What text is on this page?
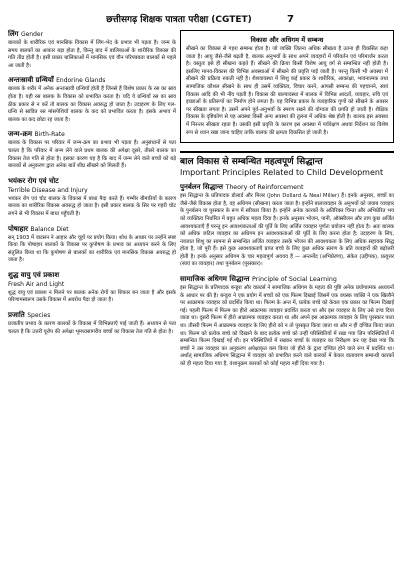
छत्तीसगढ़ शिक्षक पात्रता परीक्षा (CGTET)	7

लिंग Gender

बालकों के शारीरिक एवं मानसिक विकास में लिंग-भेद के प्रभाव भी पड़ता है। जन्म के समय बालकों का आकार बड़ा होता है, किन्तु बाद में बालिकाओं के शारीरिक विकास की गति तीव्र होती है। इसी प्रकार बालिकाओं में मानसिक एवं यौन परिपक्वता बालकों से पहले आ जाती है।

अन्तःस्रावी ग्रन्थियाँ Endorine Glands

बालक के शरीर में अनेक अन्तःस्रावी ग्रन्थियाँ होती हैं जिनसे हैं विशेष प्रकार के रस का स्राव होता है। यही रस बालक के विकास को प्रभावित करता है। यदि ये ग्रन्थियाँ रस का स्राव ठीक प्रकार से न करें तो बालक का विकास अवरुद्ध हो जाता है। उदाहरण के लिए गल-ग्रन्थि से स्रावित रस मांसपेशियाँ बालक के कद को प्रभावित करता है। इसके अभाव में बालक का कद छोटा रह जाता है।

जन्म-क्रम Birth-Rate

बालक के विकास पर परिवार में जन्म-क्रम का प्रभाव भी पड़ता है। अनुसंधानों से पता चलता है कि परिवार में जन्म लेने वाले प्रथम बालक की अपेक्षा दूसरे, तीसरे बालक का विकास तेज गति से होता है। इसका कारण यह है कि बाद में जन्म लेने वाले बच्चों को बड़े बालकों से अनुकरण द्वारा अनेक बातें शीघ्र सीखने को मिलती हैं।

भयंकर रोग एवं चोट

Terrible Disease and Injury

भयंकर रोग एवं चोट बालक के विकास में बाधा पैदा करते हैं। गम्भीर बीमारियों के कारण बालक का शारीरिक विकास अवरुद्ध हो जाता है। इसी प्रकार बालक के सिर पर गहरी चोट लगने से भी विकास में बाधा पहुँचती है।

पोषाहार Balance Diet

सन् 1903 में वाटसन ने आहार और चूहों पर प्रयोग किया। शोध के आधार पर उन्होंने स्पष्ट किया कि पोषाहार बालकों के विकास पर कुपोषण के प्रभाव का अध्ययन करने के लिए संतुलित किया था कि कुपोषण से बालकों का शारीरिक एवं मानसिक विकास अवरुद्ध हो जाता है।

शुद्ध वायु एवं प्रकाश

Fresh Air and Light

शुद्ध वायु एवं प्रकाश न मिलने पर बालक अनेक रोगों का शिकार बन जाता है और इसके परिणामस्वरूप उसके विकास में अवरोध पैदा हो जाता है।

प्रजाति Species

प्रजातीय प्रभाव के कारण बालकों के विकास में विभिन्नताएँ पाई जाती हैं। अध्ययन से पता चलता है कि उत्तरी यूरोप की अपेक्षा भूमध्यसागरीय बच्चों का विकास तेज गति से होता है।

विकास और अधिगम में सम्बन्ध

सीखने का विकास से गहरा सम्बन्ध होता है। जो व्यक्ति जितना अधिक सीखता है उतना ही विकसित कहा जाता है। आयु जैसे-जैसे बढ़ती है, बालक अनुभवों के साथ अपने व्यवहारों में परिवर्तन एवं परिमार्जन करता है। वस्तुतः इसे ही सीखना कहते हैं। सीखने की क्रिया किसी विशेष आयु वर्ग से सम्बन्धित नहीं होती है। इसलिए मानव-विकास की विभिन्न अवस्थाओं में सीखने की प्रवृत्ति पाई जाती है। परन्तु किसी भी अवस्था में सीखने की प्रक्रिया रुकती नहीं है। शैशवावस्था में शिशु कई प्रकार के शारीरिक, आकांक्षा, भावनात्मक तथा सामाजिक कौशल सीखने के साथ ही उसमें व्यक्तित्व, विचार करने, आपसी सम्बन्ध की पहचानने, स्वयं विकास आदि की भी नींव पड़ती है। विकास की बाल्यावस्था में बालक में विभिन्न आदतों, व्यवहार, रुचि एवं इच्छाओं के प्रतिरूपों का निर्माण होने लगता है। यह विभिन्न प्रकार के व्यवहारिक गुणों को सीखने के अवसर पर सीखता लगता है। उसमें अपने पूर्व-अनुभवों के स्मरण रखने की योग्यता की प्रगति हो जाती है। शैक्षिक विकास के दृष्टिकोण से यह अवस्था किसी अन्य अवस्था की तुलना में अधिक श्रेष्ठ होती है। बालक इस अवस्था में निरन्तर सीखता रहता है। उसकी इसी प्रवृत्ति के कारण इस अवस्था में पर्यवेक्षण अथवा निर्देशन का विशेष रूप से ध्यान रखा जाना चाहिए ताकि बालक की क्षमता विकसित हो जाती है।

बाल विकास से सम्बन्धित महत्वपूर्ण सिद्धान्त

Important Principles Related to Child Development

पुनर्बलन सिद्धान्त Theory of Reinforcement

इस सिद्धान्त के प्रतिपादक डोलार्ड और मिलर (John Dollard & Neal Miller) हैं। इनके अनुसार, बच्चों का जैसे-जैसे विकास होता है, वह अधिगम (सीखना) करता जाता है। इन्होंने बालव्यवहार के अनुभवों को जवाब व्यवहार के पुनर्बलन या पुरस्कार के रूप में स्वीकार किया है। इन्होंने अनेक कारकों के अतिरिक्त चिन्ता और अभिप्रेरित भय को व्यक्तित्व निर्धारित में बहुत अधिक महत्व दिया है। इनके अनुसार भोजन, पानी, ऑक्सीजन और ताप कुछ अर्जित आवश्यकताएँ हैं परन्तु इन आवश्यकताओं की पूर्ति के लिए अर्जित व्यवहार पूर्णतः प्रयोजन नहीं होता है। अतः बालक को अधिक जटिल व्यवहार का अधिगम इन आवश्यकताओं की पूर्ति के लिए करना होता है; उदाहरण के लिए, नवजात शिशु का सामना से सम्बन्धित अर्जित व्यवहार उसके भोजन की आवश्यकता के लिए अधिक सहायक सिद्ध होता है, जो पूरी हैं। इसे कुछ आवश्यकताएँ प्राप्त बच्चे के लिए कुछ अधिक स्तरण के प्रति व्यवहारों की बढ़ोत्तरी होती है। इनके अनुसार अधिगम के चार महत्वपूर्ण अवयव हैं — अन्तर्नोद (अभिप्रेरणा), संकेत (उद्दीपक), प्रत्युत्तर (स्वयं का व्यवहार) तथा पुनर्बलन (पुरस्कार)।

सामाजिक अधिगम सिद्धान्त Principle of Social Learning

इस सिद्धान्त के प्रतिपादक बन्डूरा और वाल्टर्स ने सामाजिक अधिगम के महत्व की पुष्टि अनेक प्रयोगात्मक अध्ययनों के आधार पर की है। बन्डूरा ने एक प्रयोग में बच्चों को एक फिल्म दिखाई जिसमें एक वयस्क व्यक्ति ने एक खिलौने पर आक्रामक व्यवहार को प्रदर्शित किया था। फिल्म के अन्त में, प्रत्येक बच्चे को केवल एक प्रकार का फिल्म दिखाई गई। पहली फिल्म में फिल्म का हीरो आक्रामक व्यवहार प्रदर्शित करता था और इस व्यवहार के लिए उसे दण्ड दिया जाता था। दूसरी फिल्म में हीरो आक्रामक व्यवहार करता था और अपने इस आक्रामक व्यवहार के लिए पुरस्कार पाता था। तीसरी फिल्म में आक्रामक व्यवहार के लिए हीरो को न तो पुरस्कृत किया जाता था और न ही दण्डित किया जाता था। फिल्म को प्रत्येक बच्चे को दिखाने के बाद प्रत्येक बच्चे को उन्हीं परिस्थितियों में रखा गया जिन परिस्थितियों में सम्बन्धित फिल्म दिखाई गई थी। इन परिस्थितियों में रखकर बच्चों के व्यवहार का निरीक्षण कर यह देखा गया कि बच्चों ने उस व्यवहार का अनुकरण अपेक्षाकृत कम किया जो हीरो के द्वारा दण्डित होने वाले रूप में प्रदर्शित था। अर्थात् सामाजिक अधिगम सिद्धान्त में व्यवहार को प्रभावित करने वाले कारकों में केवल वातावरण सम्बन्धी कारकों को ही महत्व दिया गया है, वंशानुक्रम कारकों को कोई महत्व नहीं दिया गया है।
